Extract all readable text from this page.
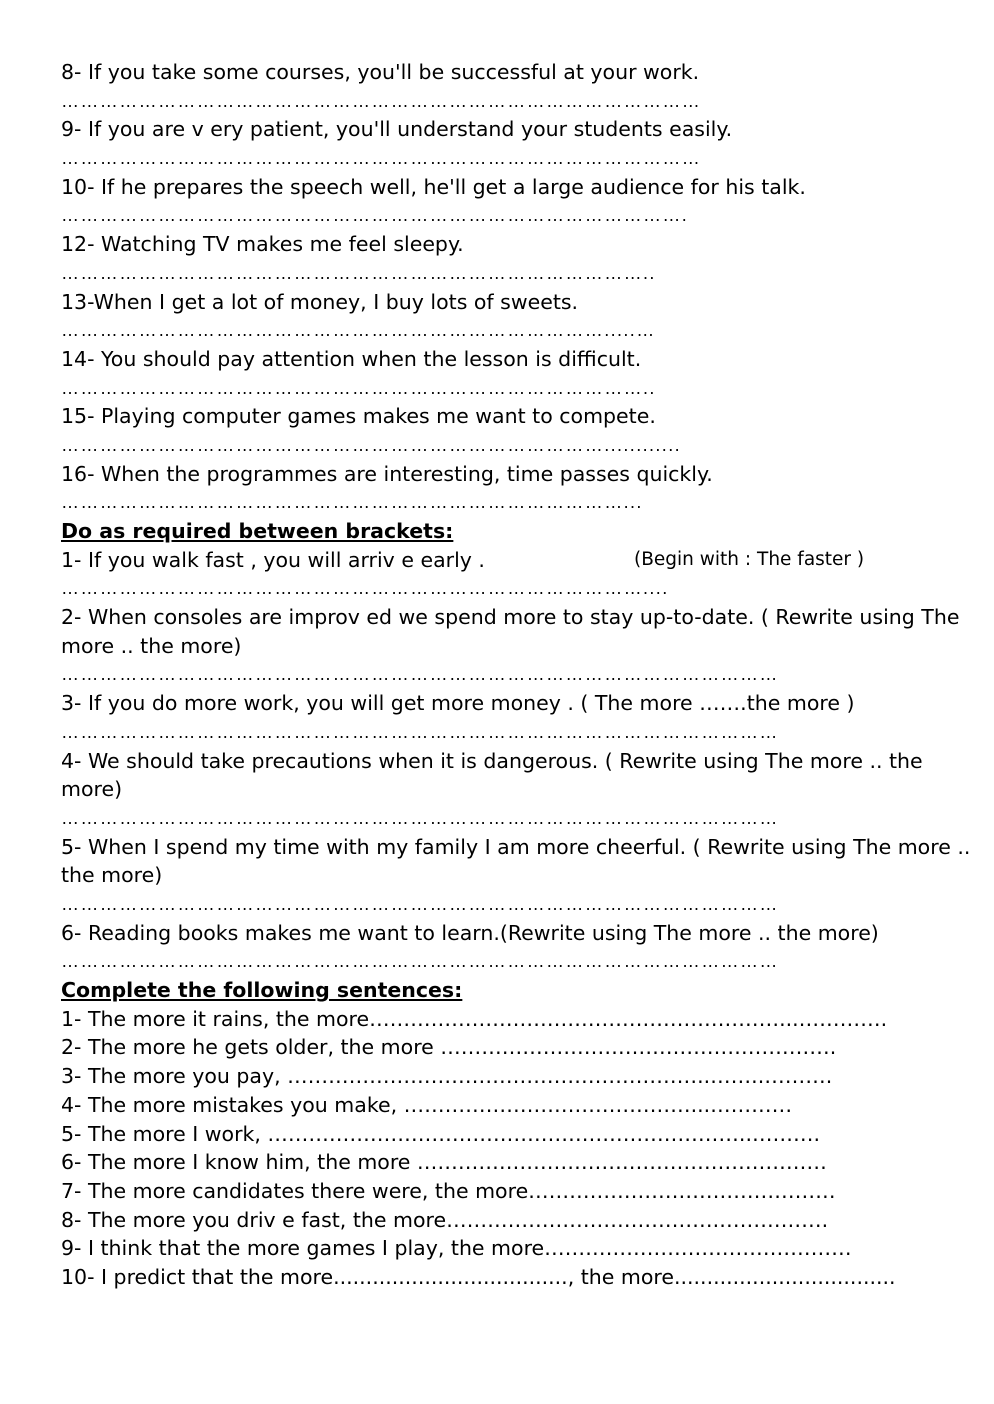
8- If you take some courses, you'll be successful at your work.
………………………………………………………………………………………
9- If you are v ery patient, you'll understand your students easily.
………………………………………………………………………………………
10- If he prepares the speech well, he'll get a large audience for his talk.
…………………………………………………………………………………….
12- Watching TV makes me feel sleepy.
………………………………………………………………………………..
13-When I get a lot of money, I buy lots of sweets.
………………………………………………………………………….....…
14- You should pay attention when the lesson is difficult.
………………………………………………………………………………..
15- Playing computer games makes me want to compete.
…………………………………………………………………………............
16- When the programmes are interesting, time passes quickly.
……………………………………………………………………………...
Do as required between brackets:
1- If you walk fast , you will arriv e early .	(Begin with : The faster )
………………………………………………………………………………....
2- When consoles are improv ed we spend more to stay up-to-date. ( Rewrite using The more .. the more)
…………………………………………………………………………………………………
3- If you do more work, you will get more money . ( The more …….the more )
…………………………………………………………………………………………………
4- We should take precautions when it is dangerous. ( Rewrite using The more .. the more)
…………………………………………………………………………………………………
5- When I spend my time with my family I am more cheerful. ( Rewrite using The more .. the more)
…………………………………………………………………………………………………
6- Reading books makes me want to learn.(Rewrite using The more .. the more)
…………………………………………………………………………………………………
Complete the following sentences:
1- The more it rains, the more……………………………………………………...………….
2- The more he gets older, the more ………………………………………………….
3- The more you pay, ……………………………………………………..……..……….
4- The more mistakes you make, ……………………………………...…………
5- The more I work, ……………………………………………………………..……….
6- The more I know him, the more ……………………………………………………
7- The more candidates there were, the more………………………………………
8- The more you driv e fast, the more………………………………….…………….
9- I think that the more games I play, the more………………………………………
10- I predict that the more...................................., the more..................................
